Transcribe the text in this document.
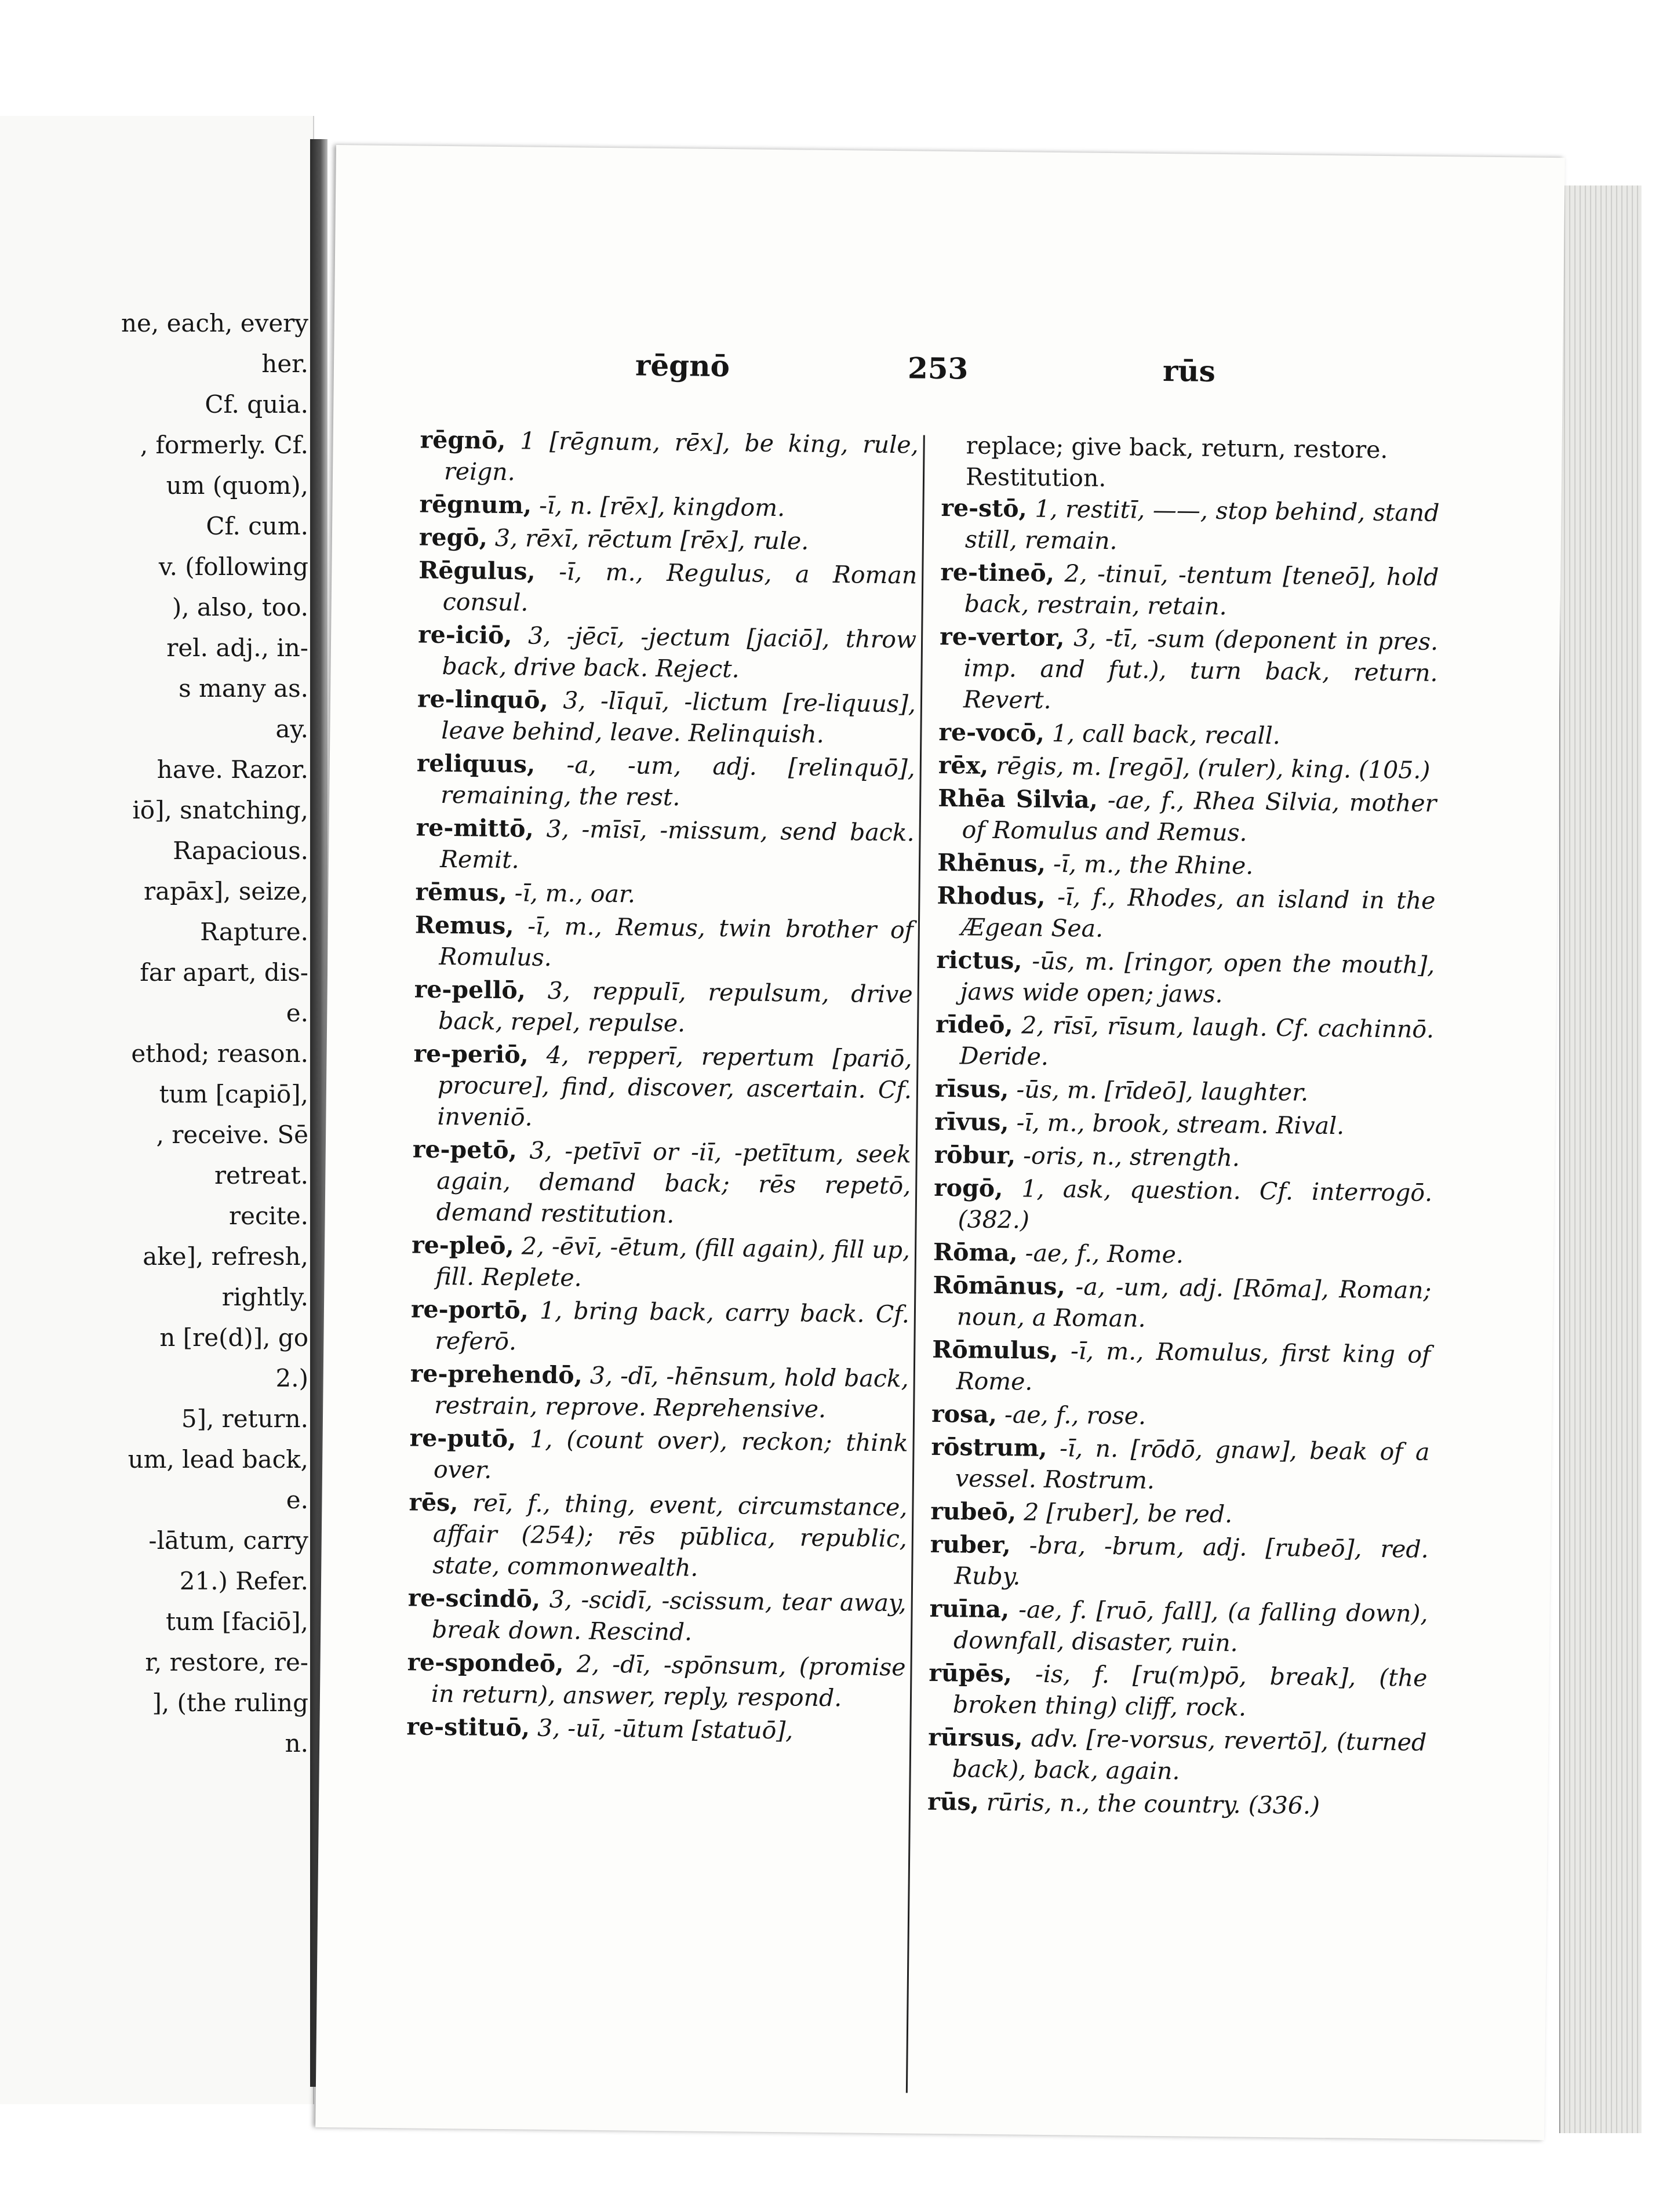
ne, each, every
her.
Cf. quia.
, formerly. Cf.
um (quom),
Cf. cum.
v. (following
), also, too.
rel. adj., in-
s many as.
ay.
have. Razor.
iō], snatching,
Rapacious.
rapāx], seize,
Rapture.
far apart, dis-
e.
ethod; reason.
tum [capiō],
, receive. Sē
retreat.
recite.
ake], refresh,
rightly.
n [re(d)], go
2.)
5], return.
um, lead back,
e.
-lātum, carry
21.) Refer.
tum [faciō],
r, restore, re-
], (the ruling
n.
rēgnō	253	rūs
rēgnō, 1 [rēgnum, rēx], be king, rule, reign.
rēgnum, -ī, n. [rēx], kingdom.
regō, 3, rēxī, rēctum [rēx], rule.
Rēgulus, -ī, m., Regulus, a Roman consul.
re-iciō, 3, -jēcī, -jectum [jaciō], throw back, drive back. Reject.
re-linquō, 3, -līquī, -lictum [re-liquus], leave behind, leave. Relinquish.
reliquus, -a, -um, adj. [relinquō], remaining, the rest.
re-mittō, 3, -mīsī, -missum, send back. Remit.
rēmus, -ī, m., oar.
Remus, -ī, m., Remus, twin brother of Romulus.
re-pellō, 3, reppulī, repulsum, drive back, repel, repulse.
re-periō, 4, repperī, repertum [pariō, procure], find, discover, ascertain. Cf. inveniō.
re-petō, 3, -petīvī or -iī, -petītum, seek again, demand back; rēs repetō, demand restitution.
re-pleō, 2, -ēvī, -ētum, (fill again), fill up, fill. Replete.
re-portō, 1, bring back, carry back. Cf. referō.
re-prehendō, 3, -dī, -hēnsum, hold back, restrain, reprove. Reprehensive.
re-putō, 1, (count over), reckon; think over.
rēs, reī, f., thing, event, circumstance, affair (254); rēs pūblica, republic, state, commonwealth.
re-scindō, 3, -scidī, -scissum, tear away, break down. Rescind.
re-spondeō, 2, -dī, -spōnsum, (promise in return), answer, reply, respond.
re-stituō, 3, -uī, -ūtum [statuō],
replace; give back, return, restore. Restitution.
re-stō, 1, restitī, ——, stop behind, stand still, remain.
re-tineō, 2, -tinuī, -tentum [teneō], hold back, restrain, retain.
re-vertor, 3, -tī, -sum (deponent in pres. imp. and fut.), turn back, return. Revert.
re-vocō, 1, call back, recall.
rēx, rēgis, m. [regō], (ruler), king. (105.)
Rhēa Silvia, -ae, f., Rhea Silvia, mother of Romulus and Remus.
Rhēnus, -ī, m., the Rhine.
Rhodus, -ī, f., Rhodes, an island in the Ægean Sea.
rictus, -ūs, m. [ringor, open the mouth], jaws wide open; jaws.
rīdeō, 2, rīsī, rīsum, laugh. Cf. cachinnō. Deride.
rīsus, -ūs, m. [rīdeō], laughter.
rīvus, -ī, m., brook, stream. Rival.
rōbur, -oris, n., strength.
rogō, 1, ask, question. Cf. interrogō. (382.)
Rōma, -ae, f., Rome.
Rōmānus, -a, -um, adj. [Rōma], Roman; noun, a Roman.
Rōmulus, -ī, m., Romulus, first king of Rome.
rosa, -ae, f., rose.
rōstrum, -ī, n. [rōdō, gnaw], beak of a vessel. Rostrum.
rubeō, 2 [ruber], be red.
ruber, -bra, -brum, adj. [rubeō], red. Ruby.
ruīna, -ae, f. [ruō, fall], (a falling down), downfall, disaster, ruin.
rūpēs, -is, f. [ru(m)pō, break], (the broken thing) cliff, rock.
rūrsus, adv. [re-vorsus, revertō], (turned back), back, again.
rūs, rūris, n., the country. (336.)
